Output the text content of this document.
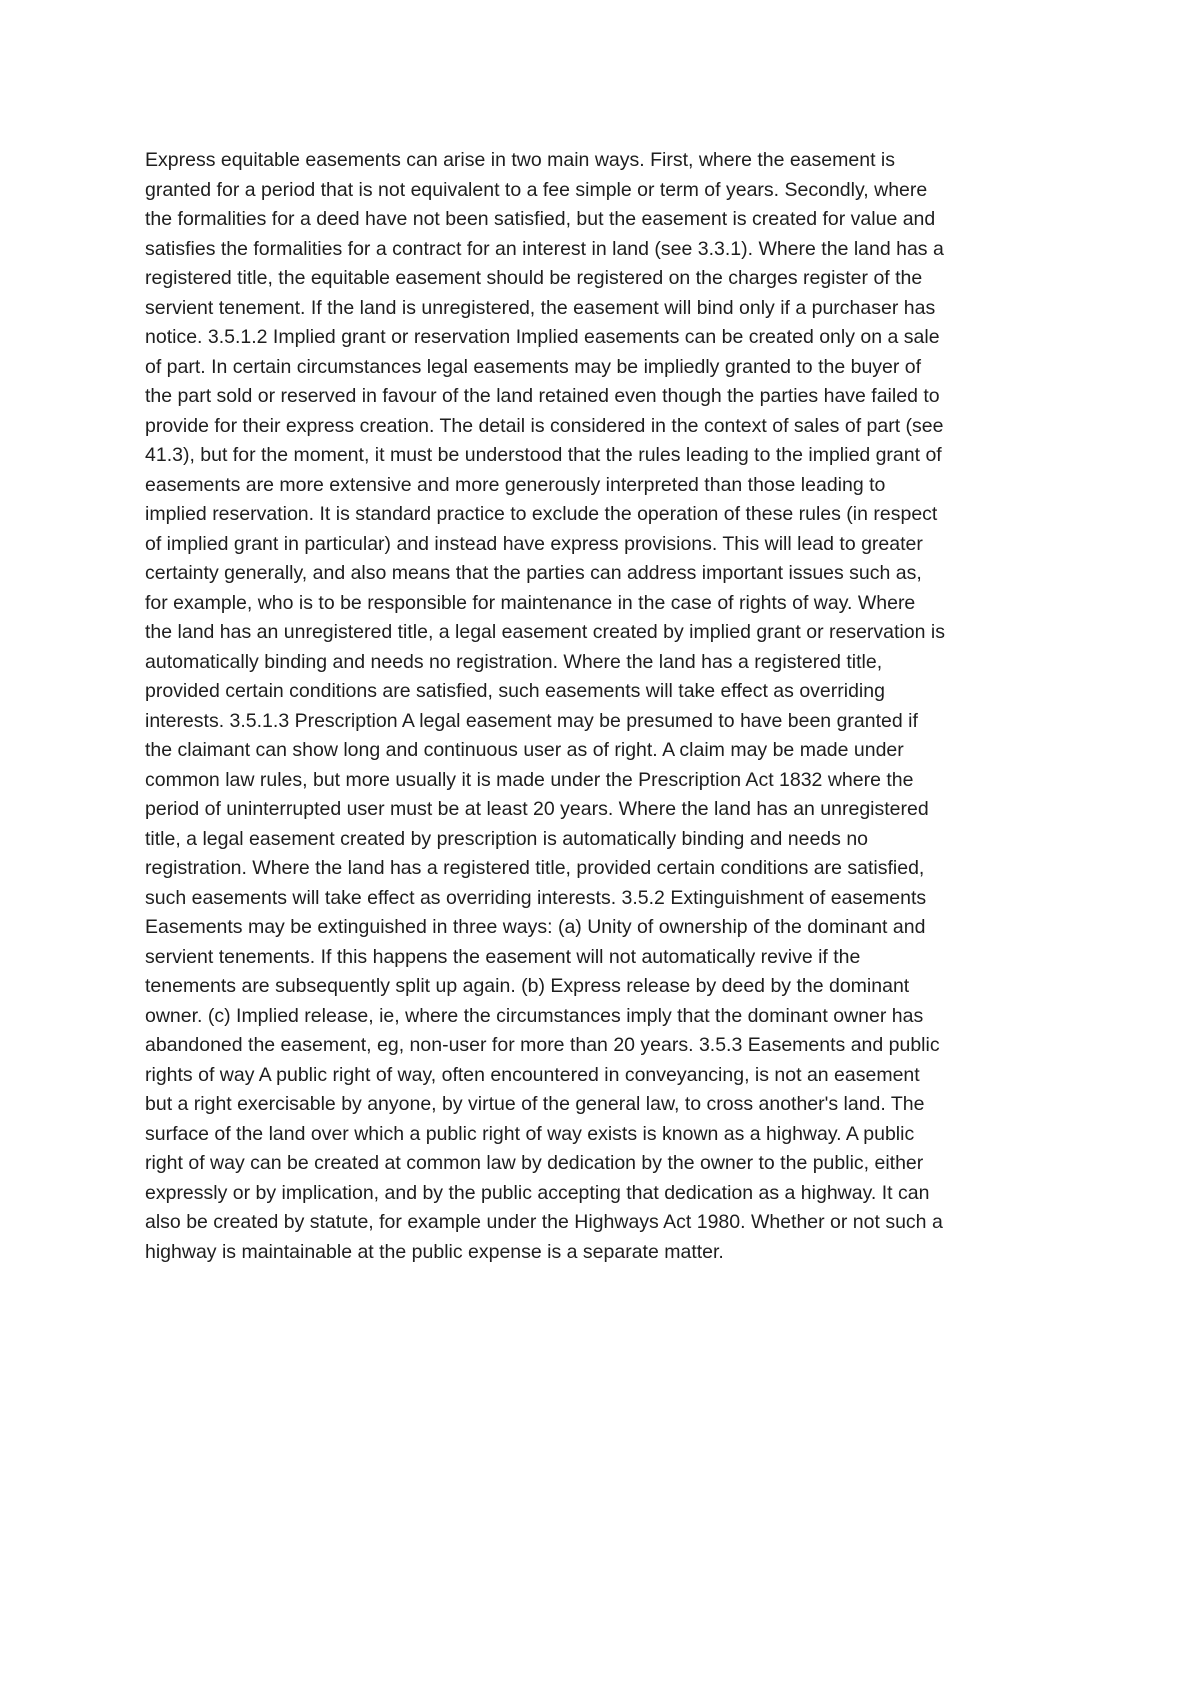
Express equitable easements can arise in two main ways. First, where the easement is
granted for a period that is not equivalent to a fee simple or term of years. Secondly, where
the formalities for a deed have not been satisfied, but the easement is created for value and
satisfies the formalities for a contract for an interest in land (see 3.3.1). Where the land has a
registered title, the equitable easement should be registered on the charges register of the
servient tenement. If the land is unregistered, the easement will bind only if a purchaser has
notice. 3.5.1.2 Implied grant or reservation Implied easements can be created only on a sale
of part. In certain circumstances legal easements may be impliedly granted to the buyer of
the part sold or reserved in favour of the land retained even though the parties have failed to
provide for their express creation. The detail is considered in the context of sales of part (see
41.3), but for the moment, it must be understood that the rules leading to the implied grant of
easements are more extensive and more generously interpreted than those leading to
implied reservation. It is standard practice to exclude the operation of these rules (in respect
of implied grant in particular) and instead have express provisions. This will lead to greater
certainty generally, and also means that the parties can address important issues such as,
for example, who is to be responsible for maintenance in the case of rights of way. Where
the land has an unregistered title, a legal easement created by implied grant or reservation is
automatically binding and needs no registration. Where the land has a registered title,
provided certain conditions are satisfied, such easements will take effect as overriding
interests. 3.5.1.3 Prescription A legal easement may be presumed to have been granted if
the claimant can show long and continuous user as of right. A claim may be made under
common law rules, but more usually it is made under the Prescription Act 1832 where the
period of uninterrupted user must be at least 20 years. Where the land has an unregistered
title, a legal easement created by prescription is automatically binding and needs no
registration. Where the land has a registered title, provided certain conditions are satisfied,
such easements will take effect as overriding interests. 3.5.2 Extinguishment of easements
Easements may be extinguished in three ways: (a) Unity of ownership of the dominant and
servient tenements. If this happens the easement will not automatically revive if the
tenements are subsequently split up again. (b) Express release by deed by the dominant
owner. (c) Implied release, ie, where the circumstances imply that the dominant owner has
abandoned the easement, eg, non-user for more than 20 years. 3.5.3 Easements and public
rights of way A public right of way, often encountered in conveyancing, is not an easement
but a right exercisable by anyone, by virtue of the general law, to cross another's land. The
surface of the land over which a public right of way exists is known as a highway. A public
right of way can be created at common law by dedication by the owner to the public, either
expressly or by implication, and by the public accepting that dedication as a highway. It can
also be created by statute, for example under the Highways Act 1980. Whether or not such a
highway is maintainable at the public expense is a separate matter.
